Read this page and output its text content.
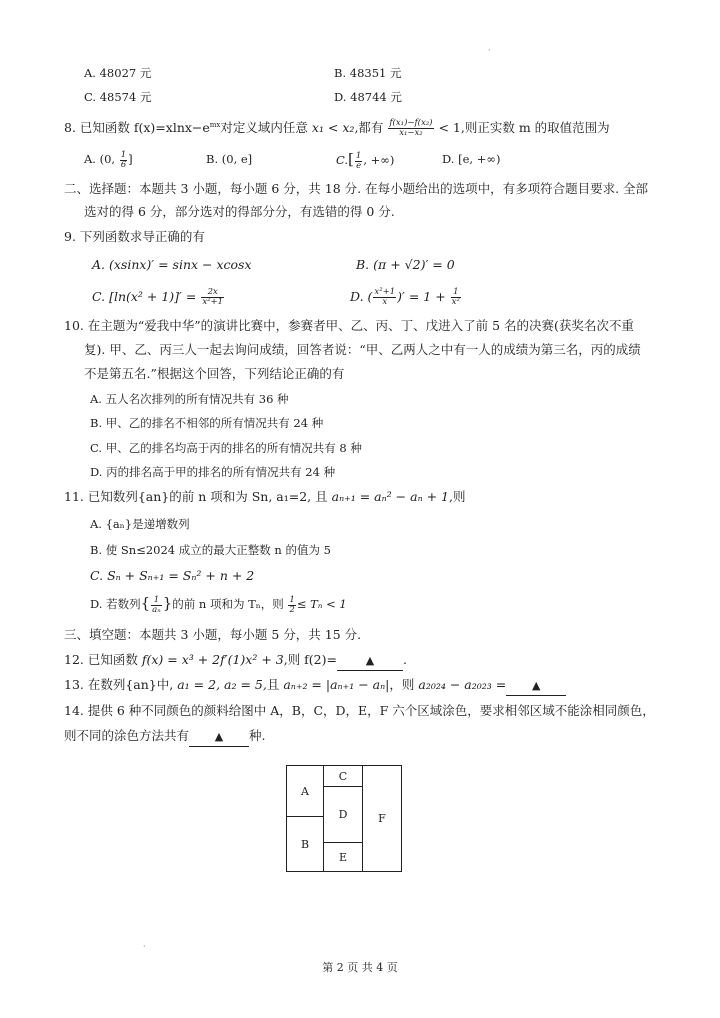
·
A. 48027 元	B. 48351 元
C. 48574 元	D. 48744 元
8. 已知函数 $f(x)=xlnx-e^{mx}$对定义域内任意 x₁ < x₂,都有 $\frac{\text{f(x₁)−f(x₂)}}{\text{x₁−x₂}} < 1$,则正实数 m 的取值范围为
A. (0, $\frac{1}{6}$ ]	B. (0, e]	$C.[ \frac{1}{e}$ , +∞)	D. [e, +∞)
二、选择题：本题共 3 小题，每小题 6 分，共 18 分. 在每小题给出的选项中，有多项符合题目要求. 全部
选对的得 6 分，部分选对的得部分分，有选错的得 0 分.
9. 下列函数求导正确的有
A. (xsinx)′ = sinx − xcosx	B. (π + √2)′ = 0
C. $[\ln(x^2 + 1)]' = \frac{2x}{\text{x²+1}}$	D. ( $\frac{\text{x²+1}}{x}$ )′ = $1 + \frac{1}{\text{x²}}$
10. 在主题为“爱我中华”的演讲比赛中，参赛者甲、乙、丙、丁、戊进入了前 5 名的决赛(获奖名次不重
复). 甲、乙、丙三人一起去询问成绩，回答者说：“甲、乙两人之中有一人的成绩为第三名，丙的成绩
不是第五名.”根据这个回答，下列结论正确的有
A. 五人名次排列的所有情况共有 36 种
B. 甲、乙的排名不相邻的所有情况共有 24 种
C. 甲、乙的排名均高于丙的排名的所有情况共有 8 种
D. 丙的排名高于甲的排名的所有情况共有 24 种
11. 已知数列{an}的前 n 项和为 Sn, a₁=2, 且 aₙ₊₁ = aₙ² − aₙ + 1,则
A. {aₙ}是递增数列
B. 使 Sn≤2024 成立的最大正整数 n 的值为 5
C. Sₙ + Sₙ₊₁ = Sₙ² + n + 2
D. 若数列{ $\frac{1}{\text{aₙ}}$ }的前 n 项和为 Tₙ，则 $\frac{1}{2} \le T_n < 1$
三、填空题：本题共 3 小题，每小题 5 分，共 15 分.
12. 已知函数 f(x) = x³ + 2f′(1)x² + 3,则 f(2)=	▲ .
13. 在数列{an}中, a₁ = 2, a₂ = 5,且 aₙ₊₂ = |aₙ₊₁ − aₙ|，则 a₂₀₂₄ − a₂₀₂₃ = ▲
14. 提供 6 种不同颜色的颜料给图中 A，B，C，D，E，F 六个区域涂色，要求相邻区域不能涂相同颜色，
则不同的涂色方法共有 ▲ 种.
A
B
C
D
E
F
·
第 2 页 共 4 页
